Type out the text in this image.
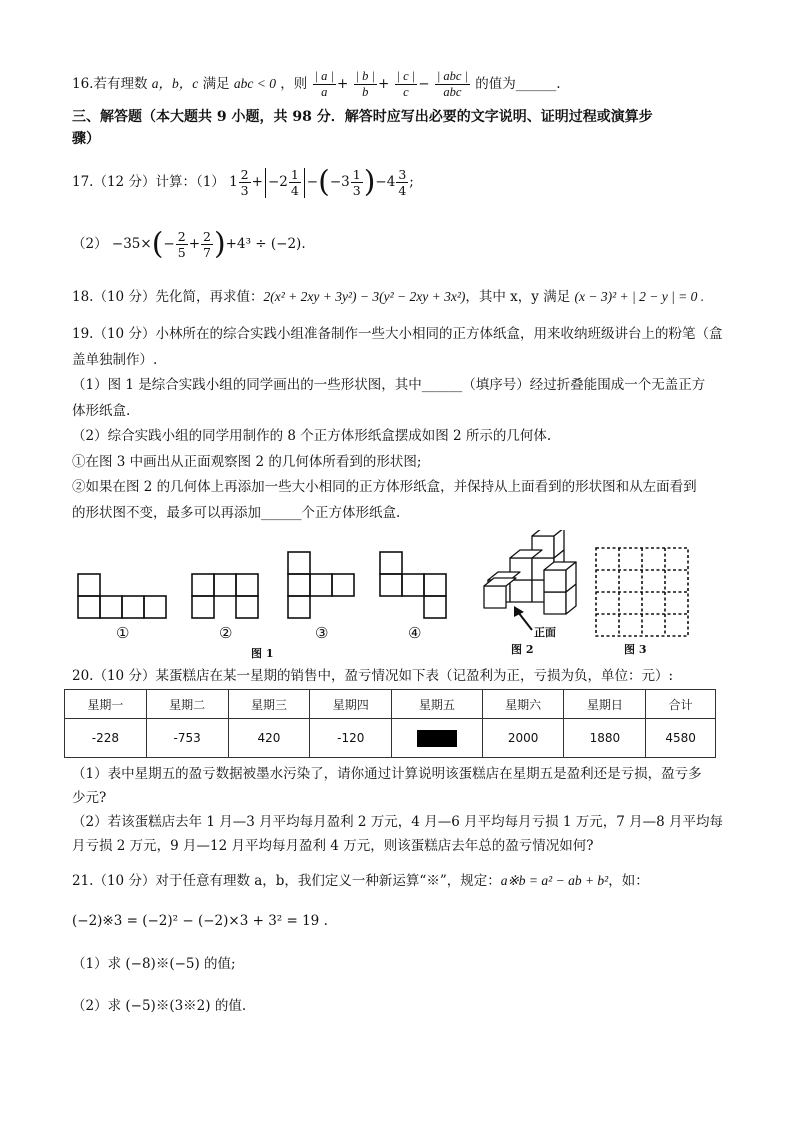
16.若有理数 a，b，c 满足 abc < 0 ，则 $\frac{| a |}{a} + \frac{| b |}{b} + \frac{| c |}{c} - \frac{\text{| abc |}}{\text{abc}}$ 的值为______.
三、解答题（本大题共 9 小题，共 98 分．解答时应写出必要的文字说明、证明过程或演算步
骤）
17.（12 分）计算：（1） $1 \frac{2}{3} + -2 \frac{1}{4} -(-3 \frac{1}{3} )-4 \frac{3}{4}$ ;
$(2) -35\times(- \frac{2}{5} + \frac{2}{7} )+4^3 \div (-2)$.
18.（10 分）先化简，再求值：2(x² + 2xy + 3y²) − 3(y² − 2xy + 3x²)，其中 x，y 满足 (x − 3)² + | 2 − y | = 0 .
19.（10 分）小林所在的综合实践小组准备制作一些大小相同的正方体纸盒，用来收纳班级讲台上的粉笔（盒
盖单独制作）.
（1）图 1 是综合实践小组的同学画出的一些形状图，其中______（填序号）经过折叠能围成一个无盖正方
体形纸盒.
（2）综合实践小组的同学用制作的 8 个正方体形纸盒摆成如图 2 所示的几何体.
①在图 3 中画出从正面观察图 2 的几何体所看到的形状图;
②如果在图 2 的几何体上再添加一些大小相同的正方体形纸盒，并保持从上面看到的形状图和从左面看到
的形状图不变，最多可以再添加______个正方体形纸盒.
①	②	③	④
图 1
正面
图 2	图 3
20.（10 分）某蛋糕店在某一星期的销售中，盈亏情况如下表（记盈利为正，亏损为负，单位：元）:
星期一	星期二	星期三	星期四	星期五	星期六	星期日	合计
-228	-753	420	-120		2000	1880	4580
（1）表中星期五的盈亏数据被墨水污染了，请你通过计算说明该蛋糕店在星期五是盈利还是亏损，盈亏多
少元?
（2）若该蛋糕店去年 1 月—3 月平均每月盈利 2 万元，4 月—6 月平均每月亏损 1 万元，7 月—8 月平均每
月亏损 2 万元，9 月—12 月平均每月盈利 4 万元，则该蛋糕店去年总的盈亏情况如何?
21.（10 分）对于任意有理数 a，b，我们定义一种新运算“※”，规定：a※b = a² − ab + b²，如：
(−2)※3 = (−2)² − (−2)×3 + 3² = 19 .
（1）求 (−8)※(−5) 的值;
（2）求 (−5)※(3※2) 的值.
